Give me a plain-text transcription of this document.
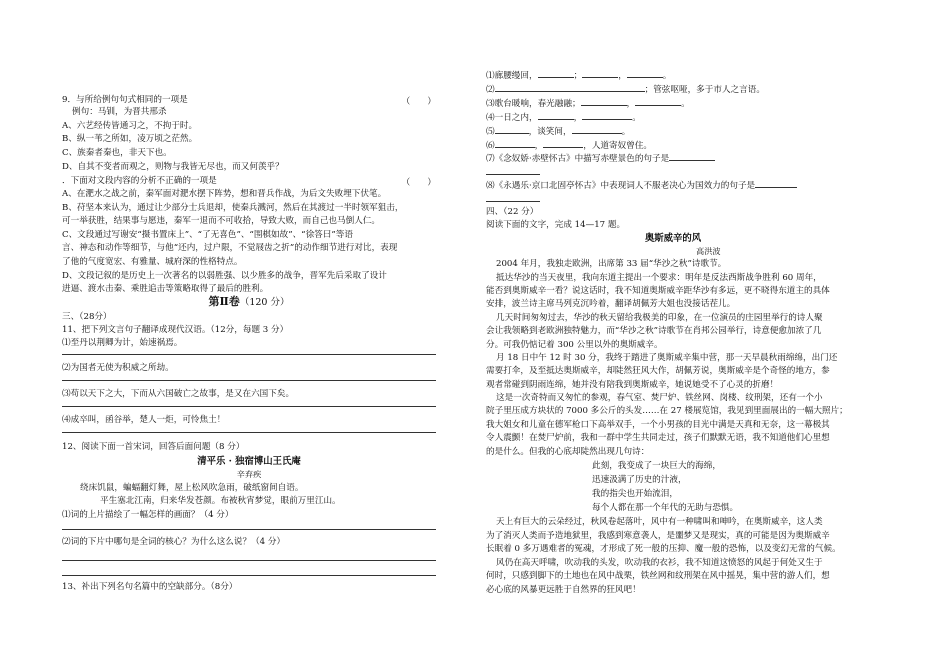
9．与所给例句句式相同的一项是	（　　）
例句：马钏，为晋共邢杀
A、六艺经传皆通习之，不拘于时。
B、纵一苇之所如，凌万顷之茫然。
C、族秦者秦也，非天下也。
D、自其不变者而观之，则物与我皆无尽也，而又何羡乎？
．下面对文段内容的分析不正确的一项是	（　　）
A、在淝水之战之前，秦军面对淝水摆下阵势，想和晋兵作战，为后文失败埋下伏笔。
B、苻坚本来认为，通过让少部分士兵退却，使秦兵溅河，然后在其渡过一半时领军狙击，
可一举获胜，结果事与愿违，秦军一退而不可收拾，导致大败，而自己也马倒人仁。
C、文段通过写谢安“摄书置床上”、“了无喜色”、“围棋如故”、“徐答曰”等语
言、神态和动作等细节，与他“还内，过户限，不觉屐齿之折”的动作细节进行对比，表现
了他的气度宽宏、有雅量、城府深的性格特点。
D、文段记叙的是历史上一次著名的以弱胜强、以少胜多的战争，晋军先后采取了设计
进逼、渡水击秦、乘胜追击等策略取得了最后的胜利。
第Ⅱ卷（120 分）
三、（28分）
11、把下列文言句子翻译成现代汉语。（12分，每题 3 分）
⑴至丹以荆卿为计，始速祸焉。
⑵为国者无使为积威之所劫。
⑶苟以天下之大，下而从六国破亡之故事，是又在六国下矣。
⑷成卒叫，函谷举，楚人一炬，可怜焦土！
12、阅读下面一首宋词，回答后面问题（8 分）
清平乐 · 独宿博山王氏庵
辛弃疾
绕床饥鼠，蝙蝠翻灯舞，屋上松风吹急雨，破纸窗间自语。
平生塞北江南，归来华发苍颜。布被秋宵梦觉，眼前万里江山。
⑴词的上片描绘了一幅怎样的画面？（4 分）
⑵词的下片中哪句是全词的核心？为什么这么说？（4 分）
13、补出下列名句名篇中的空缺部分。（8分）
⑴廊腰缦回，	；	，	。
⑵	；管弦呕哑，多于市人之言语。
⑶歌台暖响，春光融融；	，	。
⑷一日之内，	，	。
⑸	，谈笑间，	。
⑹	，	，人道寄奴曾住。
⑺《念奴娇·赤壁怀古》中描写赤壁景色的句子是
⑻《永遇乐·京口北固亭怀古》中表现词人不服老决心为国效力的句子是
四、（22 分）
阅读下面的文字，完成 14—17 题。
奥斯威辛的风
高洪波
2004 年月，我独走欧洲，出席第 33 届“华沙之秋”诗歌节。
抵达华沙的当天夜里，我向东道主提出一个要求：明年是反法西斯战争胜利 60 周年，
能否到奥斯威辛一看？说这话时，我不知道奥斯威辛距华沙有多远，更不晓得东道主的具体
安排，波兰诗主席马列克沉吟着，翻译胡佩芳大姐也没接话茬儿。
几天时间匆匆过去，华沙的秋天留给我极美的印象，在一位演员的庄园里举行的诗人聚
会让我领略到老欧洲独特魅力，而“华沙之秋”诗歌节在肖邦公园举行，诗意便愈加浓了几
分。可我仍惦记着 300 公里以外的奥斯威辛。
月 18 日中午 12 时 30 分，我终于踏进了奥斯威辛集中营，那一天早晨秋雨绵绵，出门还
需要打伞，及至抵达奥斯威辛，却陡然狂风大作，胡佩芳说，奥斯威辛是个奇怪的地方，参
观者常碰到阴雨连绵，她并没有陪我到奥斯威辛，她说她受不了心灵的折磨！
这是一次奇特而又匆忙的参观，春气室、焚尸炉、铁丝网、岗楼、纹刑架，还有一个小
院子里压成方块状的 7000 多公斤的头发……在 27 楼展览馆，我见到里面展出的一幅大照片；
我大姐女和儿童在德军枪口下高举双手，一个小男孩的目光中满是天真和无奈，这一幕极其
令人震颤！在焚尸炉前，我和一群中学生共同走过，孩子们默默无语，我不知道他们心里想
的是什么。但我的心底却陡然出现几句诗：
此刻，我变成了一块巨大的海绵，
迅速汲满了历史的汁液，
我的指尖也开始流泪，
每个人都在那一个年代的无助与恐惧。
天上有巨大的云朵经过，秋风卷起落叶，风中有一种啸叫和呻吟，在奥斯威辛，这人类
为了消灭人类而予造地狱里，我感到寒意袭人，是噩梦又是现实，真的可能是因为奥斯威辛
长眠着 0 多万遇难者的冤魂，才形成了死一般的压抑、魔一般的恐怖，以及变幻无常的气候。
风仍在高天呼啸，吹动我的头发，吹动我的衣衫，我不知道这愤怒的风起于何处又生于
何时，只感到脚下的土地也在风中战栗，铁丝网和纹刑架在风中摇晃，集中营的游人们，想
必心底的风暴更远胜于自然界的狂风吧！
